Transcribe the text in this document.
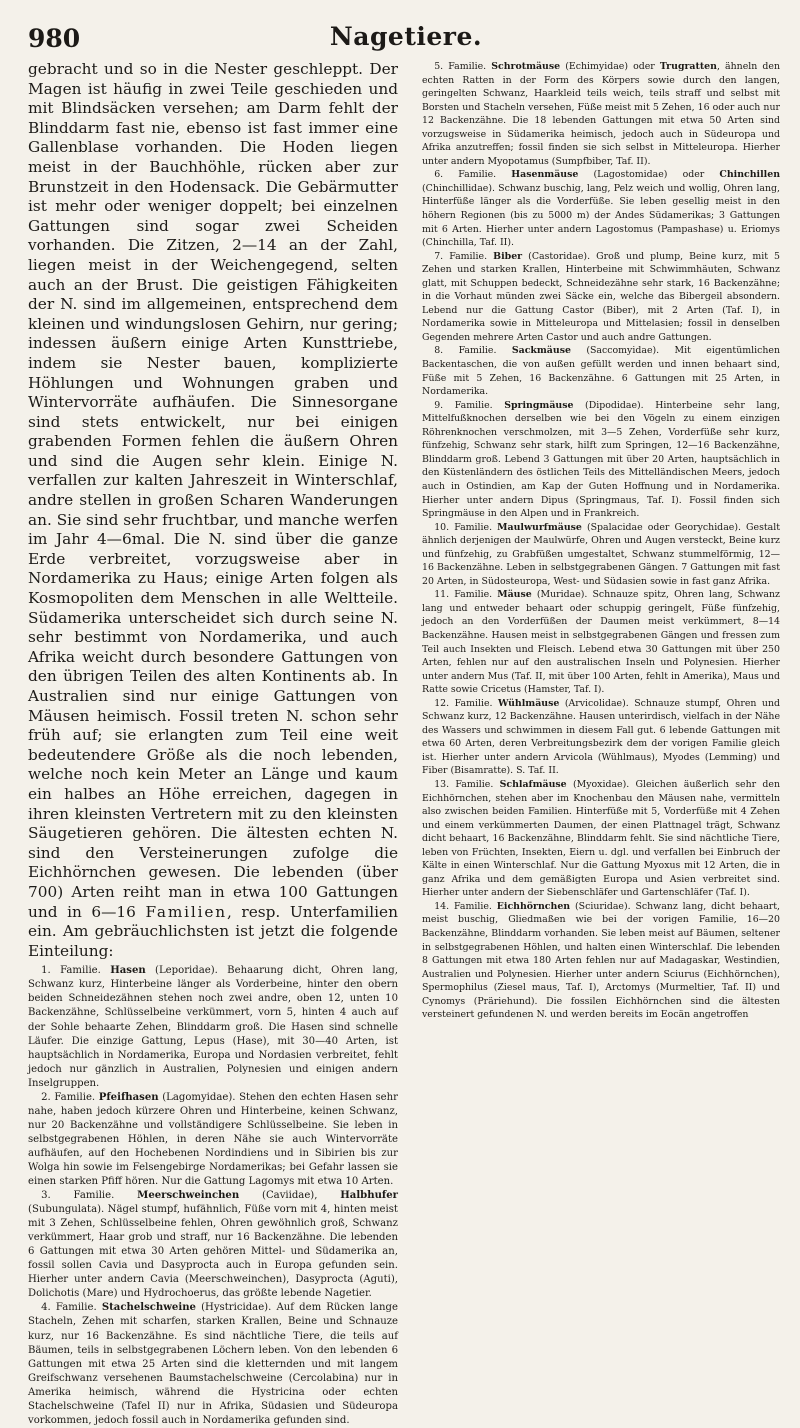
980	Nagetiere.

gebracht und so in die Nester geschleppt. Der Magen ist häufig in zwei Teile geschieden und mit Blindsäcken versehen; am Darm fehlt der Blinddarm fast nie, ebenso ist fast immer eine Gallenblase vorhanden. Die Hoden liegen meist in der Bauchhöhle, rücken aber zur Brunstzeit in den Hodensack. Die Gebärmutter ist mehr oder weniger doppelt; bei einzelnen Gattungen sind sogar zwei Scheiden vorhanden. Die Zitzen, 2—14 an der Zahl, liegen meist in der Weichengegend, selten auch an der Brust. Die geistigen Fähigkeiten der N. sind im allgemeinen, entsprechend dem kleinen und windungslosen Gehirn, nur gering; indessen äußern einige Arten Kunsttriebe, indem sie Nester bauen, komplizierte Höhlungen und Wohnungen graben und Wintervorräte aufhäufen. Die Sinnesorgane sind stets entwickelt, nur bei einigen grabenden Formen fehlen die äußern Ohren und sind die Augen sehr klein. Einige N. verfallen zur kalten Jahreszeit in Winterschlaf, andre stellen in großen Scharen Wanderungen an. Sie sind sehr fruchtbar, und manche werfen im Jahr 4—6mal. Die N. sind über die ganze Erde verbreitet, vorzugsweise aber in Nordamerika zu Haus; einige Arten folgen als Kosmopoliten dem Menschen in alle Weltteile. Südamerika unterscheidet sich durch seine N. sehr bestimmt von Nordamerika, und auch Afrika weicht durch besondere Gattungen von den übrigen Teilen des alten Kontinents ab. In Australien sind nur einige Gattungen von Mäusen heimisch. Fossil treten N. schon sehr früh auf; sie erlangten zum Teil eine weit bedeutendere Größe als die noch lebenden, welche noch kein Meter an Länge und kaum ein halbes an Höhe erreichen, dagegen in ihren kleinsten Vertretern mit zu den kleinsten Säugetieren gehören. Die ältesten echten N. sind den Versteinerungen zufolge die Eichhörnchen gewesen. Die lebenden (über 700) Arten reiht man in etwa 100 Gattungen und in 6—16 Familien, resp. Unterfamilien ein. Am gebräuchlichsten ist jetzt die folgende Einteilung:

1. Familie. Hasen (Leporidae). Behaarung dicht, Ohren lang, Schwanz kurz, Hinterbeine länger als Vorderbeine, hinter den obern beiden Schneidezähnen stehen noch zwei andre, oben 12, unten 10 Backenzähne, Schlüsselbeine verkümmert, vorn 5, hinten 4 auch auf der Sohle behaarte Zehen, Blinddarm groß. Die Hasen sind schnelle Läufer. Die einzige Gattung, Lepus (Hase), mit 30—40 Arten, ist hauptsächlich in Nordamerika, Europa und Nordasien verbreitet, fehlt jedoch nur gänzlich in Australien, Polynesien und einigen andern Inselgruppen.

2. Familie. Pfeifhasen (Lagomyidae). Stehen den echten Hasen sehr nahe, haben jedoch kürzere Ohren und Hinterbeine, keinen Schwanz, nur 20 Backenzähne und vollständigere Schlüsselbeine. Sie leben in selbstgegrabenen Höhlen, in deren Nähe sie auch Wintervorräte aufhäufen, auf den Hochebenen Nordindiens und in Sibirien bis zur Wolga hin sowie im Felsengebirge Nordamerikas; bei Gefahr lassen sie einen starken Pfiff hören. Nur die Gattung Lagomys mit etwa 10 Arten.

3. Familie. Meerschweinchen (Caviidae), Halbhufer (Subungulata). Nägel stumpf, hufähnlich, Füße vorn mit 4, hinten meist mit 3 Zehen, Schlüsselbeine fehlen, Ohren gewöhnlich groß, Schwanz verkümmert, Haar grob und straff, nur 16 Backenzähne. Die lebenden 6 Gattungen mit etwa 30 Arten gehören Mittel- und Südamerika an, fossil sollen Cavia und Dasyprocta auch in Europa gefunden sein. Hierher unter andern Cavia (Meerschweinchen), Dasyprocta (Aguti), Dolichotis (Mare) und Hydrochoerus, das größte lebende Nagetier.

4. Familie. Stachelschweine (Hystricidae). Auf dem Rücken lange Stacheln, Zehen mit scharfen, starken Krallen, Beine und Schnauze kurz, nur 16 Backenzähne. Es sind nächtliche Tiere, die teils auf Bäumen, teils in selbstgegrabenen Löchern leben. Von den lebenden 6 Gattungen mit etwa 25 Arten sind die kletternden und mit langem Greifschwanz versehenen Baumstachelschweine (Cercolabina) nur in Amerika heimisch, während die Hystricina oder echten Stachelschweine (Tafel II) nur in Afrika, Südasien und Südeuropa vorkommen, jedoch fossil auch in Nordamerika gefunden sind.

5. Familie. Schrotmäuse (Echimyidae) oder Trugratten, ähneln den echten Ratten in der Form des Körpers sowie durch den langen, geringelten Schwanz, Haarkleid teils weich, teils straff und selbst mit Borsten und Stacheln versehen, Füße meist mit 5 Zehen, 16 oder auch nur 12 Backenzähne. Die 18 lebenden Gattungen mit etwa 50 Arten sind vorzugsweise in Südamerika heimisch, jedoch auch in Südeuropa und Afrika anzutreffen; fossil finden sie sich selbst in Mitteleuropa. Hierher unter andern Myopotamus (Sumpfbiber, Taf. II).

6. Familie. Hasenmäuse (Lagostomidae) oder Chinchillen (Chinchillidae). Schwanz buschig, lang, Pelz weich und wollig, Ohren lang, Hinterfüße länger als die Vorderfüße. Sie leben gesellig meist in den höhern Regionen (bis zu 5000 m) der Andes Südamerikas; 3 Gattungen mit 6 Arten. Hierher unter andern Lagostomus (Pampashase) u. Eriomys (Chinchilla, Taf. II).

7. Familie. Biber (Castoridae). Groß und plump, Beine kurz, mit 5 Zehen und starken Krallen, Hinterbeine mit Schwimmhäuten, Schwanz glatt, mit Schuppen bedeckt, Schneidezähne sehr stark, 16 Backenzähne; in die Vorhaut münden zwei Säcke ein, welche das Bibergeil absondern. Lebend nur die Gattung Castor (Biber), mit 2 Arten (Taf. I), in Nordamerika sowie in Mitteleuropa und Mittelasien; fossil in denselben Gegenden mehrere Arten Castor und auch andre Gattungen.

8. Familie. Sackmäuse (Saccomyidae). Mit eigentümlichen Backentaschen, die von außen gefüllt werden und innen behaart sind, Füße mit 5 Zehen, 16 Backenzähne. 6 Gattungen mit 25 Arten, in Nordamerika.

9. Familie. Springmäuse (Dipodidae). Hinterbeine sehr lang, Mittelfußknochen derselben wie bei den Vögeln zu einem einzigen Röhrenknochen verschmolzen, mit 3—5 Zehen, Vorderfüße sehr kurz, fünfzehig, Schwanz sehr stark, hilft zum Springen, 12—16 Backenzähne, Blinddarm groß. Lebend 3 Gattungen mit über 20 Arten, hauptsächlich in den Küstenländern des östlichen Teils des Mittelländischen Meers, jedoch auch in Ostindien, am Kap der Guten Hoffnung und in Nordamerika. Hierher unter andern Dipus (Springmaus, Taf. I). Fossil finden sich Springmäuse in den Alpen und in Frankreich.

10. Familie. Maulwurfmäuse (Spalacidae oder Georychidae). Gestalt ähnlich derjenigen der Maulwürfe, Ohren und Augen versteckt, Beine kurz und fünfzehig, zu Grabfüßen umgestaltet, Schwanz stummelförmig, 12—16 Backenzähne. Leben in selbstgegrabenen Gängen. 7 Gattungen mit fast 20 Arten, in Südosteuropa, West- und Südasien sowie in fast ganz Afrika.

11. Familie. Mäuse (Muridae). Schnauze spitz, Ohren lang, Schwanz lang und entweder behaart oder schuppig geringelt, Füße fünfzehig, jedoch an den Vorderfüßen der Daumen meist verkümmert, 8—14 Backenzähne. Hausen meist in selbstgegrabenen Gängen und fressen zum Teil auch Insekten und Fleisch. Lebend etwa 30 Gattungen mit über 250 Arten, fehlen nur auf den australischen Inseln und Polynesien. Hierher unter andern Mus (Taf. II, mit über 100 Arten, fehlt in Amerika), Maus und Ratte sowie Cricetus (Hamster, Taf. I).

12. Familie. Wühlmäuse (Arvicolidae). Schnauze stumpf, Ohren und Schwanz kurz, 12 Backenzähne. Hausen unterirdisch, vielfach in der Nähe des Wassers und schwimmen in diesem Fall gut. 6 lebende Gattungen mit etwa 60 Arten, deren Verbreitungsbezirk dem der vorigen Familie gleich ist. Hierher unter andern Arvicola (Wühlmaus), Myodes (Lemming) und Fiber (Bisamratte). S. Taf. II.

13. Familie. Schlafmäuse (Myoxidae). Gleichen äußerlich sehr den Eichhörnchen, stehen aber im Knochenbau den Mäusen nahe, vermitteln also zwischen beiden Familien. Hinterfüße mit 5, Vorderfüße mit 4 Zehen und einem verkümmerten Daumen, der einen Plattnagel trägt, Schwanz dicht behaart, 16 Backenzähne, Blinddarm fehlt. Sie sind nächtliche Tiere, leben von Früchten, Insekten, Eiern u. dgl. und verfallen bei Einbruch der Kälte in einen Winterschlaf. Nur die Gattung Myoxus mit 12 Arten, die in ganz Afrika und dem gemäßigten Europa und Asien verbreitet sind. Hierher unter andern der Siebenschläfer und Gartenschläfer (Taf. I).

14. Familie. Eichhörnchen (Sciuridae). Schwanz lang, dicht behaart, meist buschig, Gliedmaßen wie bei der vorigen Familie, 16—20 Backenzähne, Blinddarm vorhanden. Sie leben meist auf Bäumen, seltener in selbstgegrabenen Höhlen, und halten einen Winterschlaf. Die lebenden 8 Gattungen mit etwa 180 Arten fehlen nur auf Madagaskar, Westindien, Australien und Polynesien. Hierher unter andern Sciurus (Eichhörnchen), Spermophilus (Ziesel maus, Taf. I), Arctomys (Murmeltier, Taf. II) und Cynomys (Präriehund). Die fossilen Eichhörnchen sind die ältesten versteinert gefundenen N. und werden bereits im Eocän angetroffen
